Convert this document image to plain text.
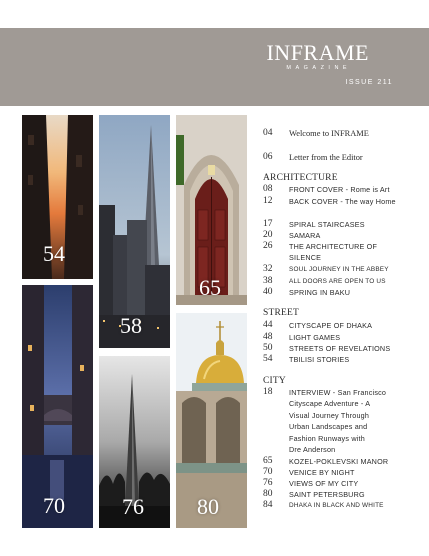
INFRAME
MAGAZINE
ISSUE 211
54
58
65
70	76 80
04 Welcome to INFRAME
06 Letter from the Editor
ARCHITECTURE
08 FRONT COVER - Rome is Art
12 BACK COVER - The way Home
17 SPIRAL STAIRCASES
20 SAMARA
26 THE ARCHITECTURE OF
SILENCE
32	SOUL JOURNEY IN THE ABBEY
38	ALL DOORS ARE OPEN TO US
40 SPRING IN BAKU
STREET
44 CITYSCAPE OF DHAKA
48 LIGHT GAMES
50 STREETS OF REVELATIONS
54 TBILISI STORIES
CITY
18 INTERVIEW - San Francisco
Cityscape Adventure - A
Visual Journey Through
Urban Landscapes and
Fashion Runways with
Dre Anderson
65 KOZEL-POKLEVSKI MANOR
70 VENICE BY NIGHT
76 VIEWS OF MY CITY
80 SAINT PETERSBURG
84	DHAKA IN BLACK AND WHITE
